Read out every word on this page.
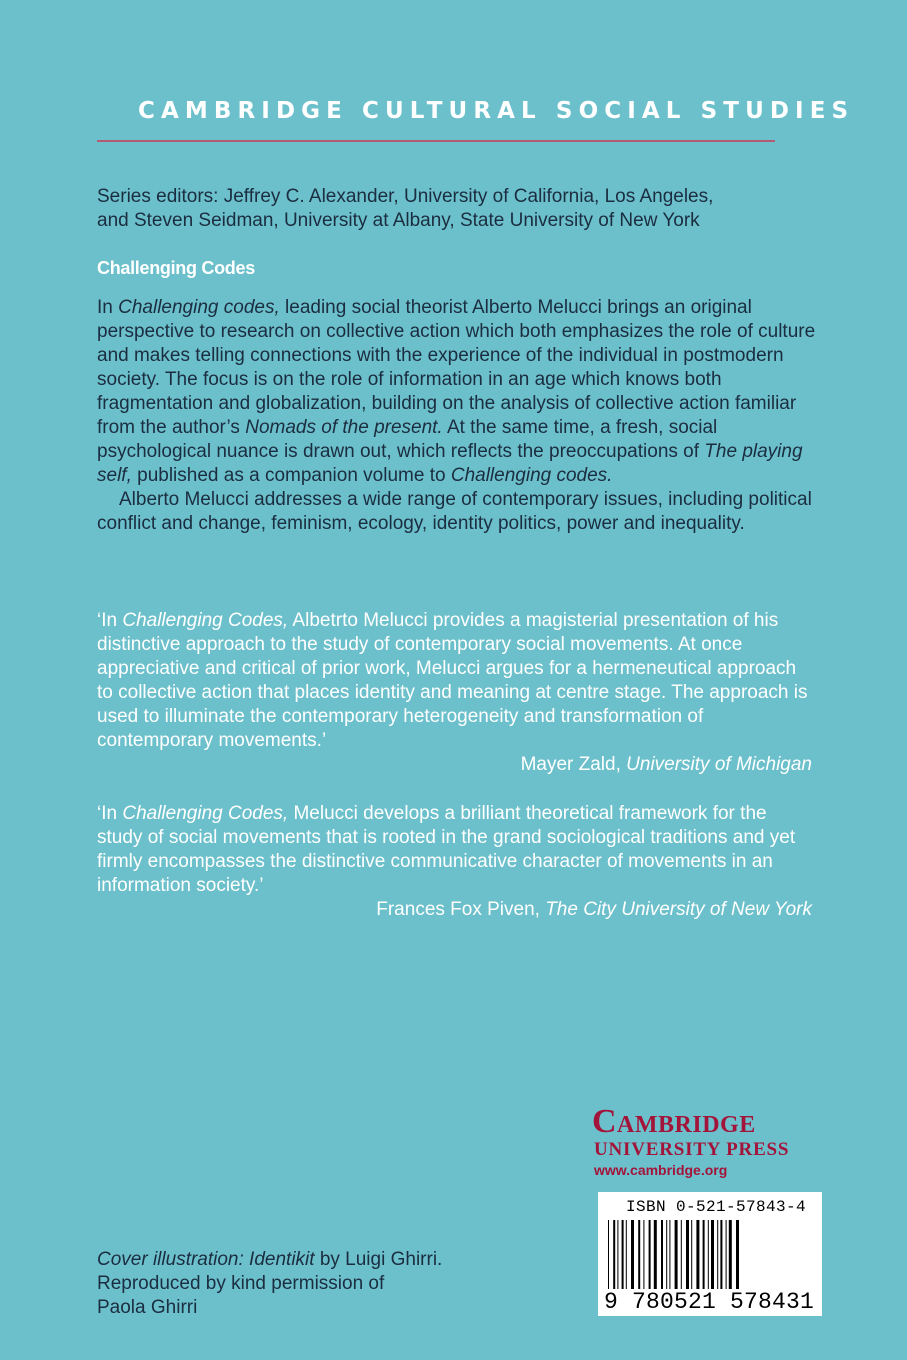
CAMBRIDGE CULTURAL SOCIAL STUDIES
Series editors: Jeffrey C. Alexander, University of California, Los Angeles,
and Steven Seidman, University at Albany, State University of New York
Challenging Codes

In Challenging codes, leading social theorist Alberto Melucci brings an original perspective to research on collective action which both emphasizes the role of culture and makes telling connections with the experience of the individual in postmodern society. The focus is on the role of information in an age which knows both fragmentation and globalization, building on the analysis of collective action familiar from the author’s Nomads of the present. At the same time, a fresh, social psychological nuance is drawn out, which reflects the preoccupations of The playing self, published as a companion volume to Challenging codes.

Alberto Melucci addresses a wide range of contemporary issues, including political conflict and change, feminism, ecology, identity politics, power and inequality.

‘In Challenging Codes, Albetrto Melucci provides a magisterial presentation of his distinctive approach to the study of contemporary social movements. At once appreciative and critical of prior work, Melucci argues for a hermeneutical approach to collective action that places identity and meaning at centre stage. The approach is used to illuminate the contemporary heterogeneity and transformation of contemporary movements.’

Mayer Zald, University of Michigan

‘In Challenging Codes, Melucci develops a brilliant theoretical framework for the study of social movements that is rooted in the grand sociological traditions and yet firmly encompasses the distinctive communicative character of movements in an information society.’

Frances Fox Piven, The City University of New York

Cambridge
UNIVERSITY PRESS
www.cambridge.org
ISBN 0-521-57843-4
9 780521 578431

Cover illustration: Identikit by Luigi Ghirri.

Reproduced by kind permission of

Paola Ghirri
